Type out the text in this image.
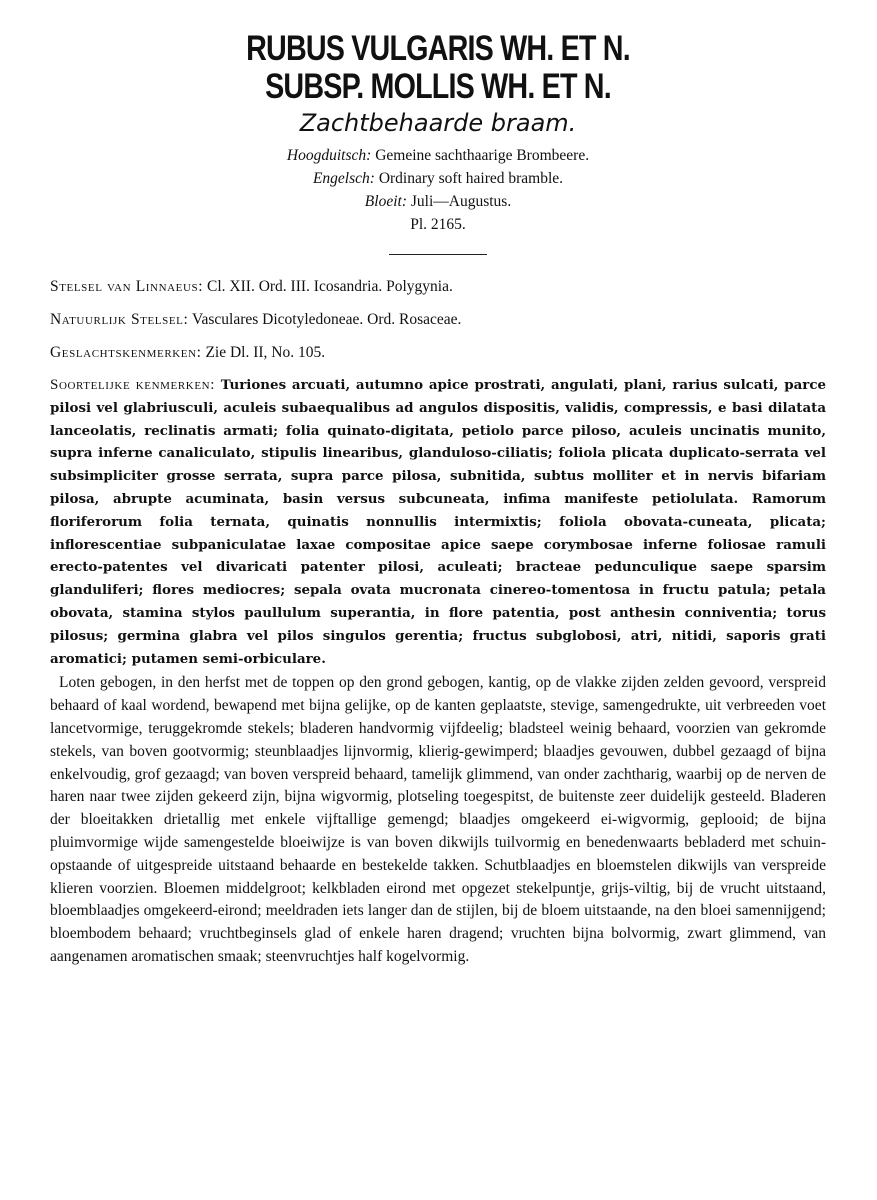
RUBUS VULGARIS WH. ET N.
SUBSP. MOLLIS WH. ET N.
Zachtbehaarde braam.
Hoogduitsch: Gemeine sachthaarige Brombeere.
Engelsch: Ordinary soft haired bramble.
Bloeit: Juli—Augustus.
Pl. 2165.

Stelsel van Linnaeus: Cl. XII. Ord. III. Icosandria. Polygynia.

Natuurlijk Stelsel: Vasculares Dicotyledoneae. Ord. Rosaceae.

Geslachtskenmerken: Zie Dl. II, No. 105.

Soortelijke kenmerken: Turiones arcuati, autumno apice prostrati, angulati, plani, rarius sulcati, parce pilosi vel glabriusculi, aculeis subaequalibus ad angulos dispositis, validis, compressis, e basi dilatata lanceolatis, reclinatis armati; folia quinato-digitata, petiolo parce piloso, aculeis uncinatis munito, supra inferne canaliculato, stipulis linearibus, glanduloso-ciliatis; foliola plicata duplicato-serrata vel subsimpliciter grosse serrata, supra parce pilosa, subnitida, subtus molliter et in nervis bifariam pilosa, abrupte acuminata, basin versus subcuneata, infima manifeste petiolulata. Ramorum floriferorum folia ternata, quinatis nonnullis intermixtis; foliola obovata-cuneata, plicata; inflorescentiae subpaniculatae laxae compositae apice saepe corymbosae inferne foliosae ramuli erecto-patentes vel divaricati patenter pilosi, aculeati; bracteae pedunculique saepe sparsim glanduliferi; flores mediocres; sepala ovata mucronata cinereo-tomentosa in fructu patula; petala obovata, stamina stylos paullulum superantia, in flore patentia, post anthesin conniventia; torus pilosus; germina glabra vel pilos singulos gerentia; fructus subglobosi, atri, nitidi, saporis grati aromatici; putamen semi-orbiculare.

Loten gebogen, in den herfst met de toppen op den grond gebogen, kantig, op de vlakke zijden zelden gevoord, verspreid behaard of kaal wordend, bewapend met bijna gelijke, op de kanten geplaatste, stevige, samengedrukte, uit verbreeden voet lancetvormige, teruggekromde stekels; bladeren handvormig vijfdeelig; bladsteel weinig behaard, voorzien van gekromde stekels, van boven gootvormig; steunblaadjes lijnvormig, klierig-gewimperd; blaadjes gevouwen, dubbel gezaagd of bijna enkelvoudig, grof gezaagd; van boven verspreid behaard, tamelijk glimmend, van onder zachtharig, waarbij op de nerven de haren naar twee zijden gekeerd zijn, bijna wigvormig, plotseling toegespitst, de buitenste zeer duidelijk gesteeld. Bladeren der bloeitakken drietallig met enkele vijftallige gemengd; blaadjes omgekeerd ei-wigvormig, geplooid; de bijna pluimvormige wijde samengestelde bloeiwijze is van boven dikwijls tuilvormig en benedenwaarts bebladerd met schuin-opstaande of uitgespreide uitstaand behaarde en bestekelde takken. Schutblaadjes en bloemstelen dikwijls van verspreide klieren voorzien. Bloemen middelgroot; kelkbladen eirond met opgezet stekelpuntje, grijs-viltig, bij de vrucht uitstaand, bloemblaadjes omgekeerd-eirond; meeldraden iets langer dan de stijlen, bij de bloem uitstaande, na den bloei samennijgend; bloembodem behaard; vruchtbeginsels glad of enkele haren dragend; vruchten bijna bolvormig, zwart glimmend, van aangenamen aromatischen smaak; steenvruchtjes half kogelvormig.
